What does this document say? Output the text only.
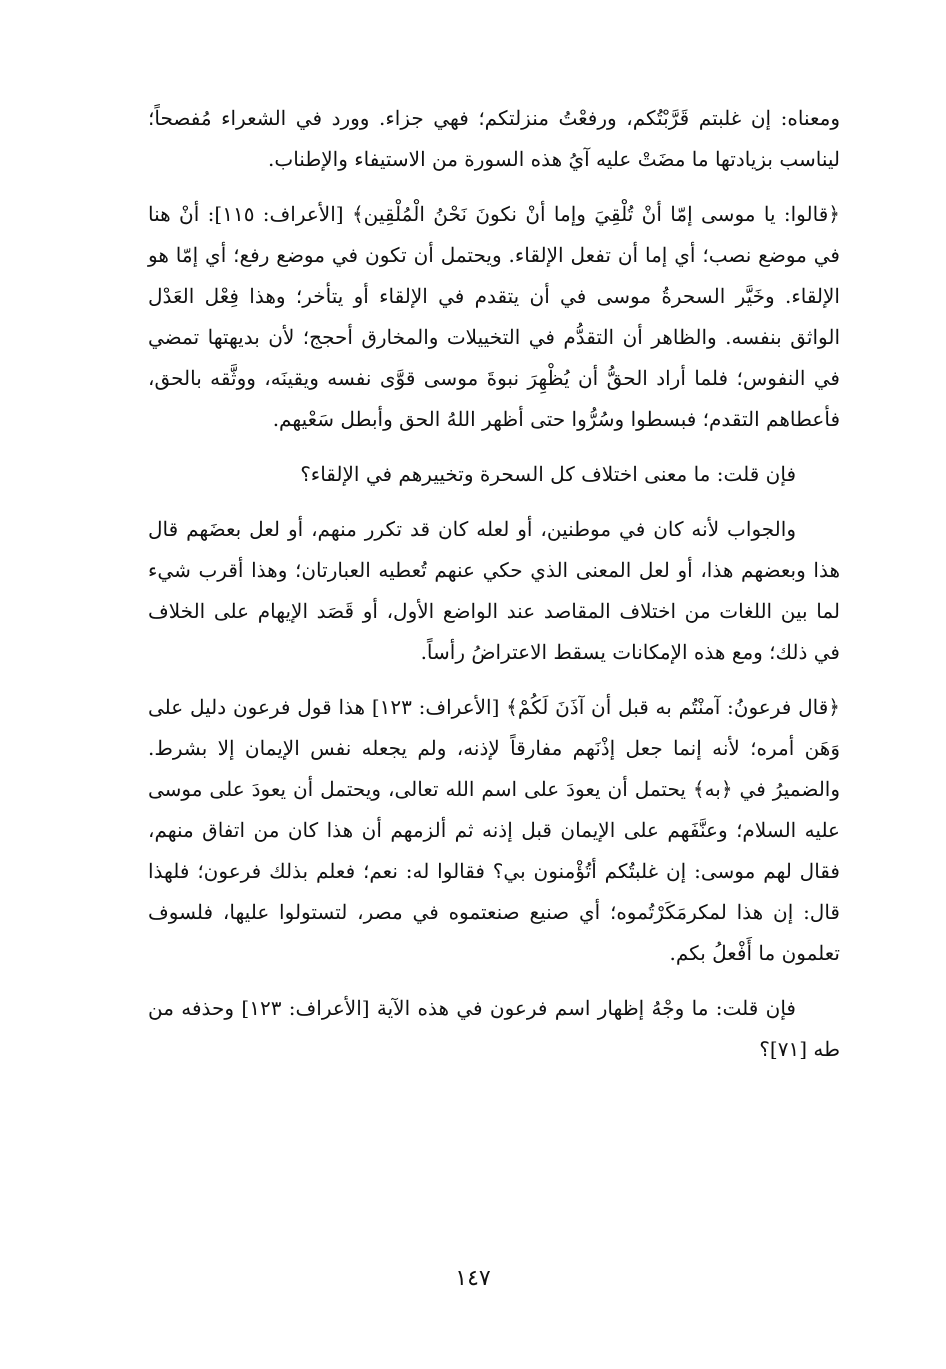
ومعناه: إن غلبتم قَرَّبْتُكم، ورفعْتُ منزلتكم؛ فهي جزاء. وورد في الشعراء مُفصحاً؛ ليناسب بزيادتها ما مضَتْ عليه آيُ هذه السورة من الاستيفاء والإطناب.

﴿قالوا: يا موسى إمّا أنْ تُلْقِيَ وإما أنْ نكونَ نَحْنُ الْمُلْقِين﴾ [الأعراف: ١١٥]: أنْ هنا في موضع نصب؛ أي إما أن تفعل الإلقاء. ويحتمل أن تكون في موضع رفع؛ أي إمّا هو الإلقاء. وخَيَّر السحرةُ موسى في أن يتقدم في الإلقاء أو يتأخر؛ وهذا فِعْل العَدْل الواثق بنفسه. والظاهر أن التقدُّم في التخييلات والمخارق أحجج؛ لأن بديهتها تمضي في النفوس؛ فلما أراد الحقُّ أن يُظْهِرَ نبوةَ موسى قوَّى نفسه ويقينَه، ووثَّقه بالحق، فأعطاهم التقدم؛ فبسطوا وسُرُّوا حتى أظهر اللهُ الحق وأبطل سَعْيهم.

فإن قلت: ما معنى اختلاف كل السحرة وتخييرهم في الإلقاء؟

والجواب لأنه كان في موطنين، أو لعله كان قد تكرر منهم، أو لعل بعضَهم قال هذا وبعضهم هذا، أو لعل المعنى الذي حكي عنهم تُعطيه العبارتان؛ وهذا أقرب شيء لما بين اللغات من اختلاف المقاصد عند الواضع الأول، أو قَصَد الإيهام على الخلاف في ذلك؛ ومع هذه الإمكانات يسقط الاعتراضُ رأساً.

﴿قال فرعونُ: آمنْتُم به قبل أن آذَنَ لَكُمْ﴾ [الأعراف: ١٢٣] هذا قول فرعون دليل على وَهَن أمره؛ لأنه إنما جعل إذْنَهم مفارقاً لإذنه، ولم يجعله نفس الإيمان إلا بشرط. والضميرُ في ﴿به﴾ يحتمل أن يعودَ على اسم الله تعالى، ويحتمل أن يعودَ على موسى عليه السلام؛ وعنَّفَهم على الإيمان قبل إذنه ثم ألزمهم أن هذا كان من اتفاق منهم، فقال لهم موسى: إن غلبتُكم أتُؤْمنون بي؟ فقالوا له: نعم؛ فعلم بذلك فرعون؛ فلهذا قال: إن هذا لمكرمَكَرْتُموه؛ أي صنيع صنعتموه في مصر، لتستولوا عليها، فلسوف تعلمون ما أَفْعلُ بكم.

فإن قلت: ما وجْهُ إظهار اسم فرعون في هذه الآية [الأعراف: ١٢٣] وحذفه من طه [٧١]؟

١٤٧
